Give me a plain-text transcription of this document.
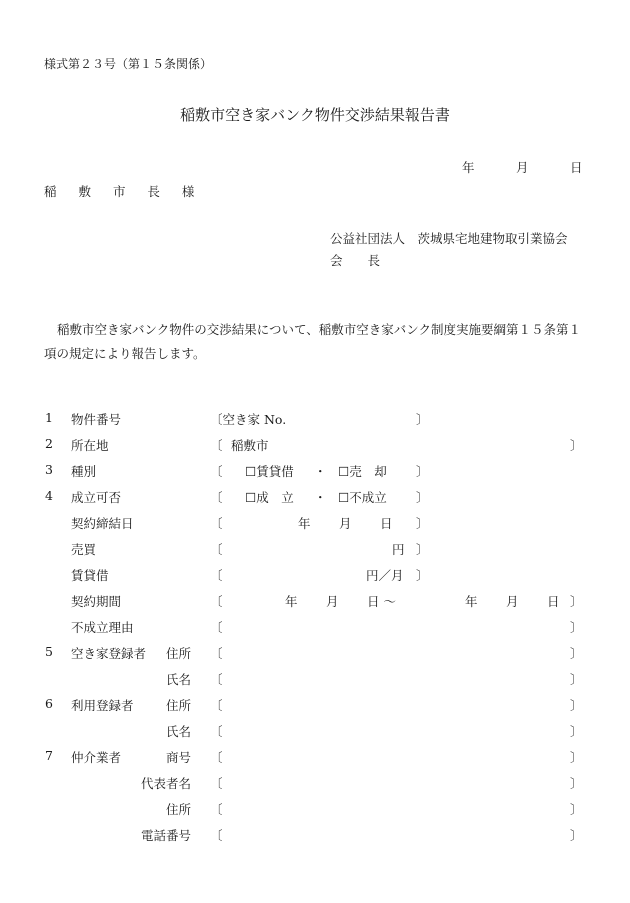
様式第２３号（第１５条関係）
稲敷市空き家バンク物件交渉結果報告書
年	月	日
稲 敷 市 長 様
公益社団法人　茨城県宅地建物取引業協会
会　　長
稲敷市空き家バンク物件の交渉結果について、稲敷市空き家バンク制度実施要綱第１５条第１項の規定により報告します。
1 物件番号	〔空き家 No.	〕
2 所在地	〔 稲敷市	〕
3 種別	〔 ☐賃貸借 ・ ☐売　却 〕
4 成立可否	〔 ☐成　立 ・ ☐不成立 〕
契約締結日	〔	年 月 日 〕
売買	〔	円 〕
賃貸借	〔	円／月 〕
契約期間	〔	年 月 日 〜	年 月 日 〕
不成立理由	〔	〕
5 空き家登録者	住所 〔	〕
氏名 〔	〕
6 利用登録者	住所 〔	〕
氏名 〔	〕
7 仲介業者	商号 〔	〕
代表者名 〔	〕
住所 〔	〕
電話番号 〔	〕
